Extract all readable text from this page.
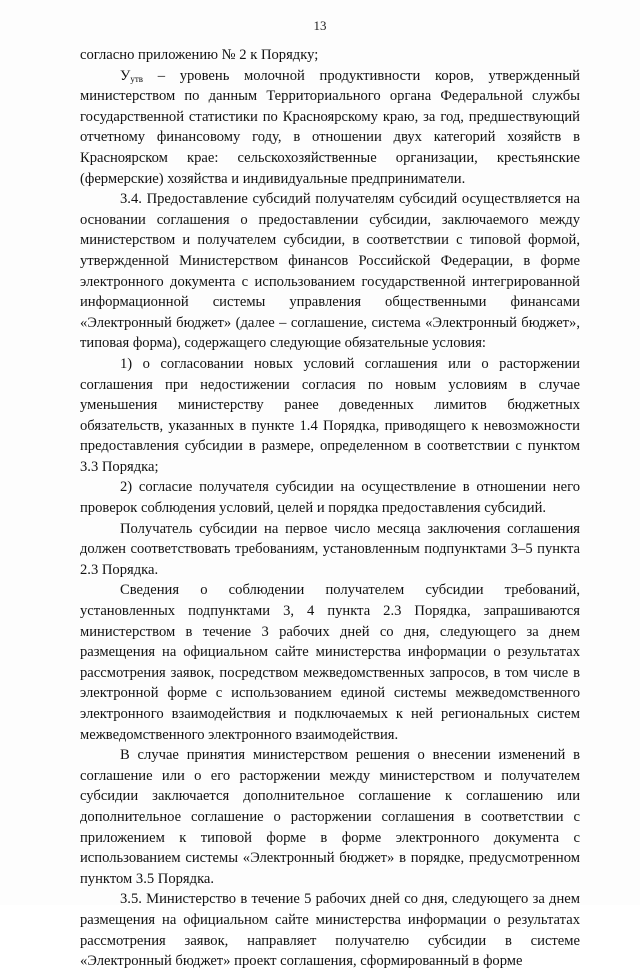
13

согласно приложению № 2 к Порядку;

$У_{утв}$ – уровень молочной продуктивности коров, утвержденный министерством по данным Территориального органа Федеральной службы государственной статистики по Красноярскому краю, за год, предшествующий отчетному финансовому году, в отношении двух категорий хозяйств в Красноярском крае: сельскохозяйственные организации, крестьянские (фермерские) хозяйства и индивидуальные предприниматели.

3.4. Предоставление субсидий получателям субсидий осуществляется на основании соглашения о предоставлении субсидии, заключаемого между министерством и получателем субсидии, в соответствии с типовой формой, утвержденной Министерством финансов Российской Федерации, в форме электронного документа с использованием государственной интегрированной информационной системы управления общественными финансами «Электронный бюджет» (далее – соглашение, система «Электронный бюджет», типовая форма), содержащего следующие обязательные условия:

1) о согласовании новых условий соглашения или о расторжении соглашения при недостижении согласия по новым условиям в случае уменьшения министерству ранее доведенных лимитов бюджетных обязательств, указанных в пункте 1.4 Порядка, приводящего к невозможности предоставления субсидии в размере, определенном в соответствии с пунктом 3.3 Порядка;

2) согласие получателя субсидии на осуществление в отношении него проверок соблюдения условий, целей и порядка предоставления субсидий.

Получатель субсидии на первое число месяца заключения соглашения должен соответствовать требованиям, установленным подпунктами 3–5 пункта 2.3 Порядка.

Сведения о соблюдении получателем субсидии требований, установленных подпунктами 3, 4 пункта 2.3 Порядка, запрашиваются министерством в течение 3 рабочих дней со дня, следующего за днем размещения на официальном сайте министерства информации о результатах рассмотрения заявок, посредством межведомственных запросов, в том числе в электронной форме с использованием единой системы межведомственного электронного взаимодействия и подключаемых к ней региональных систем межведомственного электронного взаимодействия.

В случае принятия министерством решения о внесении изменений в соглашение или о его расторжении между министерством и получателем субсидии заключается дополнительное соглашение к соглашению или дополнительное соглашение о расторжении соглашения в соответствии с приложением к типовой форме в форме электронного документа с использованием системы «Электронный бюджет» в порядке, предусмотренном пунктом 3.5 Порядка.

3.5. Министерство в течение 5 рабочих дней со дня, следующего за днем размещения на официальном сайте министерства информации о результатах рассмотрения заявок, направляет получателю субсидии в системе «Электронный бюджет» проект соглашения, сформированный в форме
